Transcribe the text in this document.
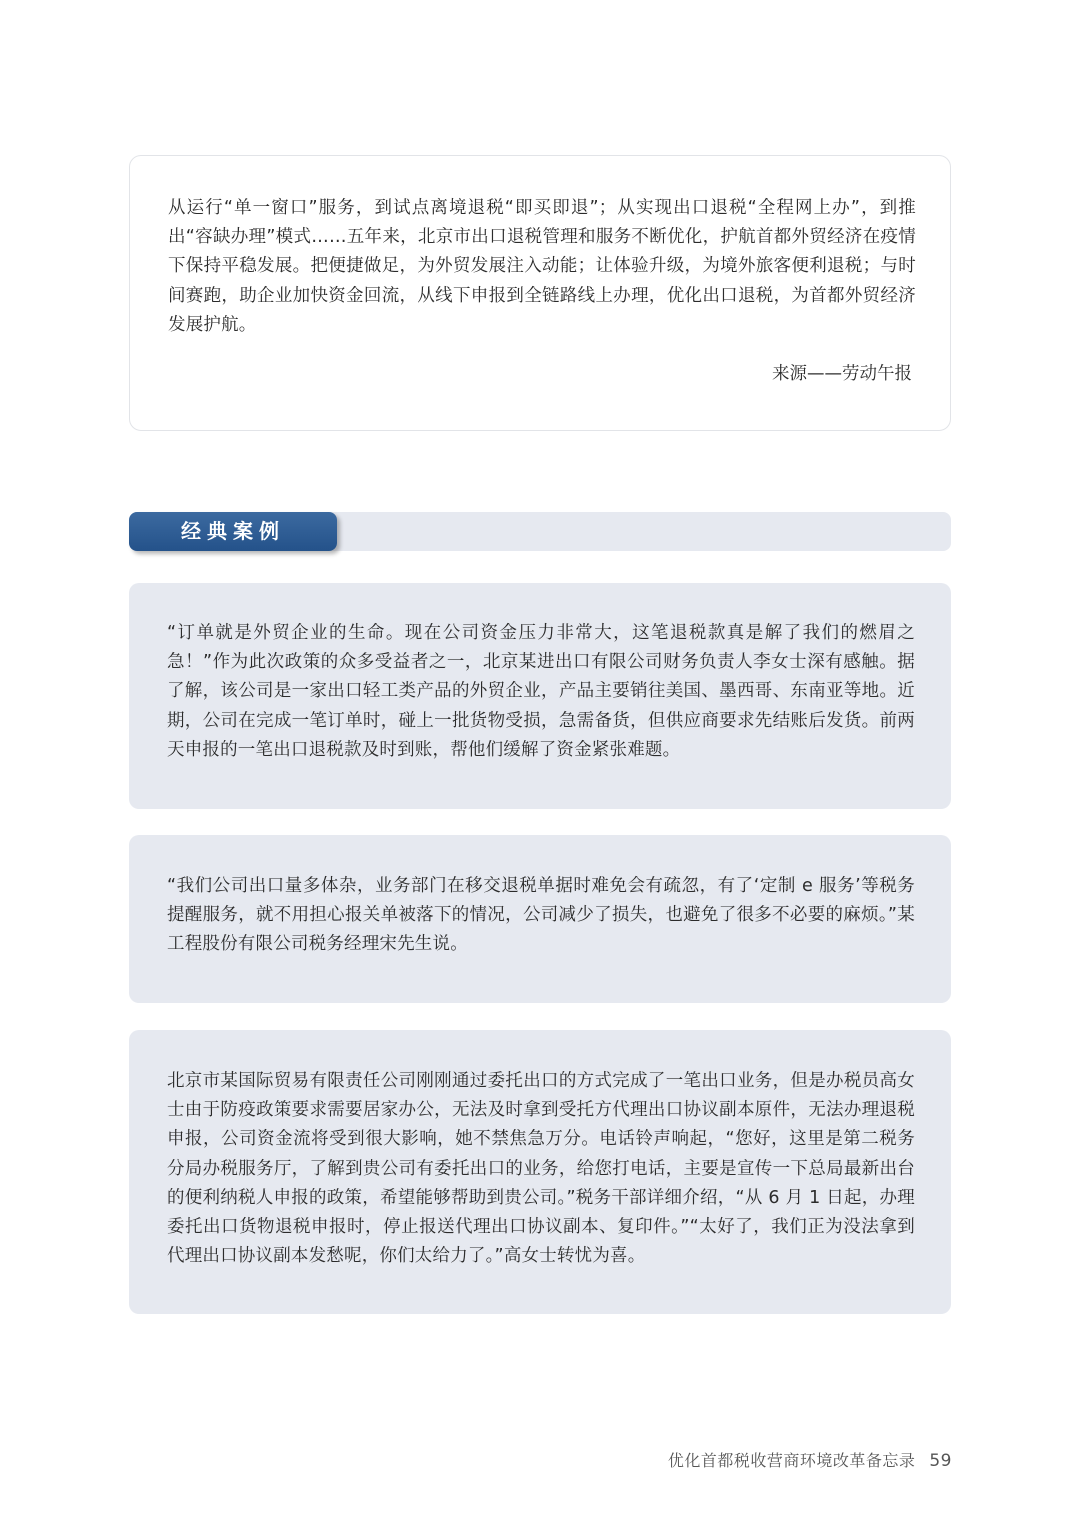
从运行“单一窗口”服务，到试点离境退税“即买即退”；从实现出口退税“全程网上办”，到推出“容缺办理”模式……五年来，北京市出口退税管理和服务不断优化，护航首都外贸经济在疫情下保持平稳发展。把便捷做足，为外贸发展注入动能；让体验升级，为境外旅客便利退税；与时间赛跑，助企业加快资金回流，从线下申报到全链路线上办理，优化出口退税，为首都外贸经济发展护航。

来源——劳动午报

经典案例

“订单就是外贸企业的生命。现在公司资金压力非常大，这笔退税款真是解了我们的燃眉之急！”作为此次政策的众多受益者之一，北京某进出口有限公司财务负责人李女士深有感触。据了解，该公司是一家出口轻工类产品的外贸企业，产品主要销往美国、墨西哥、东南亚等地。近期，公司在完成一笔订单时，碰上一批货物受损，急需备货，但供应商要求先结账后发货。前两天申报的一笔出口退税款及时到账，帮他们缓解了资金紧张难题。

“我们公司出口量多体杂，业务部门在移交退税单据时难免会有疏忽，有了‘定制 e 服务’等税务提醒服务，就不用担心报关单被落下的情况，公司减少了损失，也避免了很多不必要的麻烦。”某工程股份有限公司税务经理宋先生说。

北京市某国际贸易有限责任公司刚刚通过委托出口的方式完成了一笔出口业务，但是办税员高女士由于防疫政策要求需要居家办公，无法及时拿到受托方代理出口协议副本原件，无法办理退税申报，公司资金流将受到很大影响，她不禁焦急万分。电话铃声响起，“您好，这里是第二税务分局办税服务厅，了解到贵公司有委托出口的业务，给您打电话，主要是宣传一下总局最新出台的便利纳税人申报的政策，希望能够帮助到贵公司。”税务干部详细介绍，“从 6 月 1 日起，办理委托出口货物退税申报时，停止报送代理出口协议副本、复印件。”“太好了，我们正为没法拿到代理出口协议副本发愁呢，你们太给力了。”高女士转忧为喜。

优化首都税收营商环境改革备忘录 59
